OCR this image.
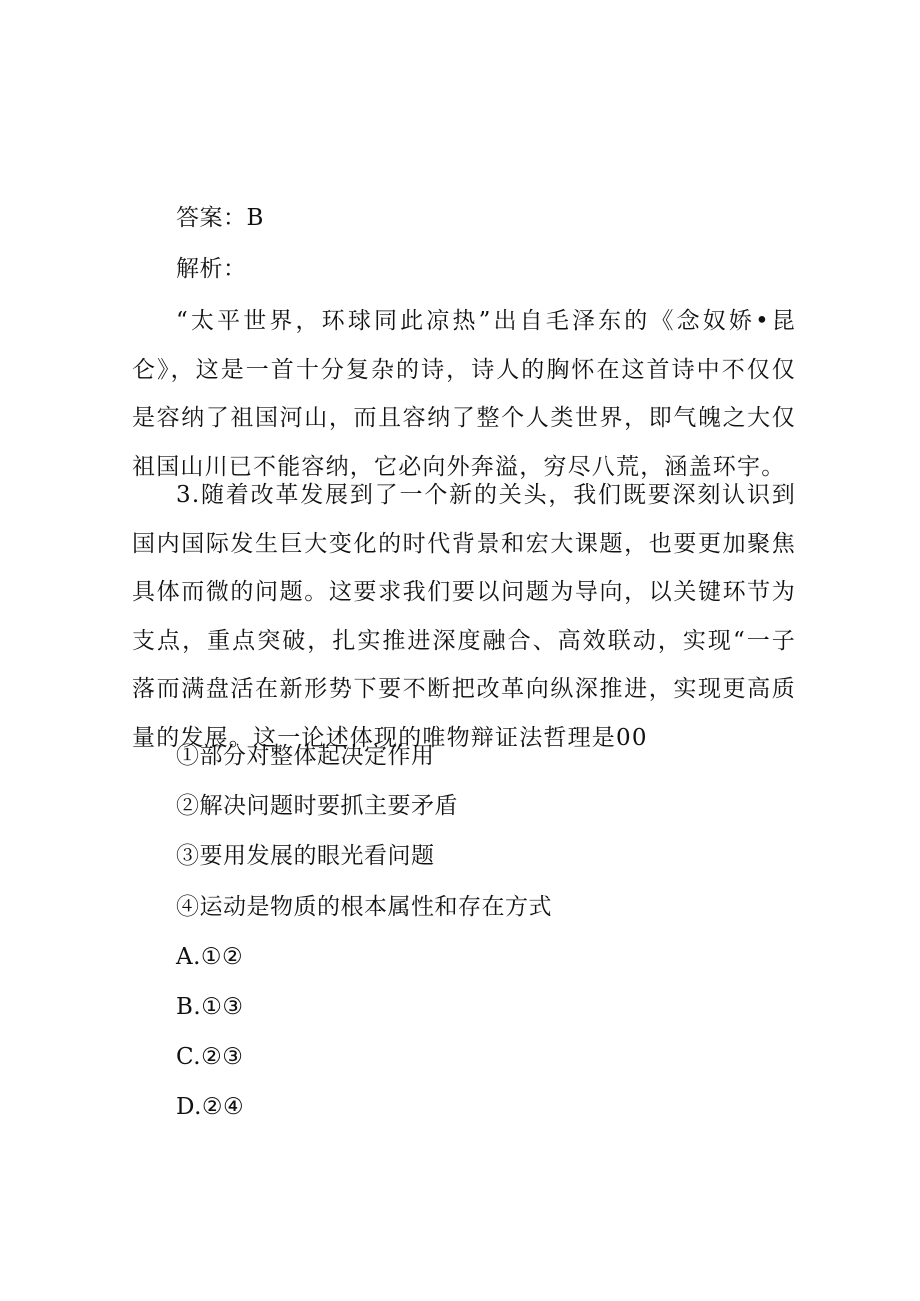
答案：B
解析：
“太平世界，环球同此凉热”出自毛泽东的《念奴娇•昆仑》，这是一首十分复杂的诗，诗人的胸怀在这首诗中不仅仅是容纳了祖国河山，而且容纳了整个人类世界，即气魄之大仅祖国山川已不能容纳，它必向外奔溢，穷尽八荒，涵盖环宇。
3.随着改革发展到了一个新的关头，我们既要深刻认识到国内国际发生巨大变化的时代背景和宏大课题，也要更加聚焦具体而微的问题。这要求我们要以问题为导向，以关键环节为支点，重点突破，扎实推进深度融合、高效联动，实现“一子落而满盘活在新形势下要不断把改革向纵深推进，实现更高质量的发展。这一论述体现的唯物辩证法哲理是00
①部分对整体起决定作用
②解决问题时要抓主要矛盾
③要用发展的眼光看问题
④运动是物质的根本属性和存在方式
A.①②
B.①③
C.②③
D.②④
